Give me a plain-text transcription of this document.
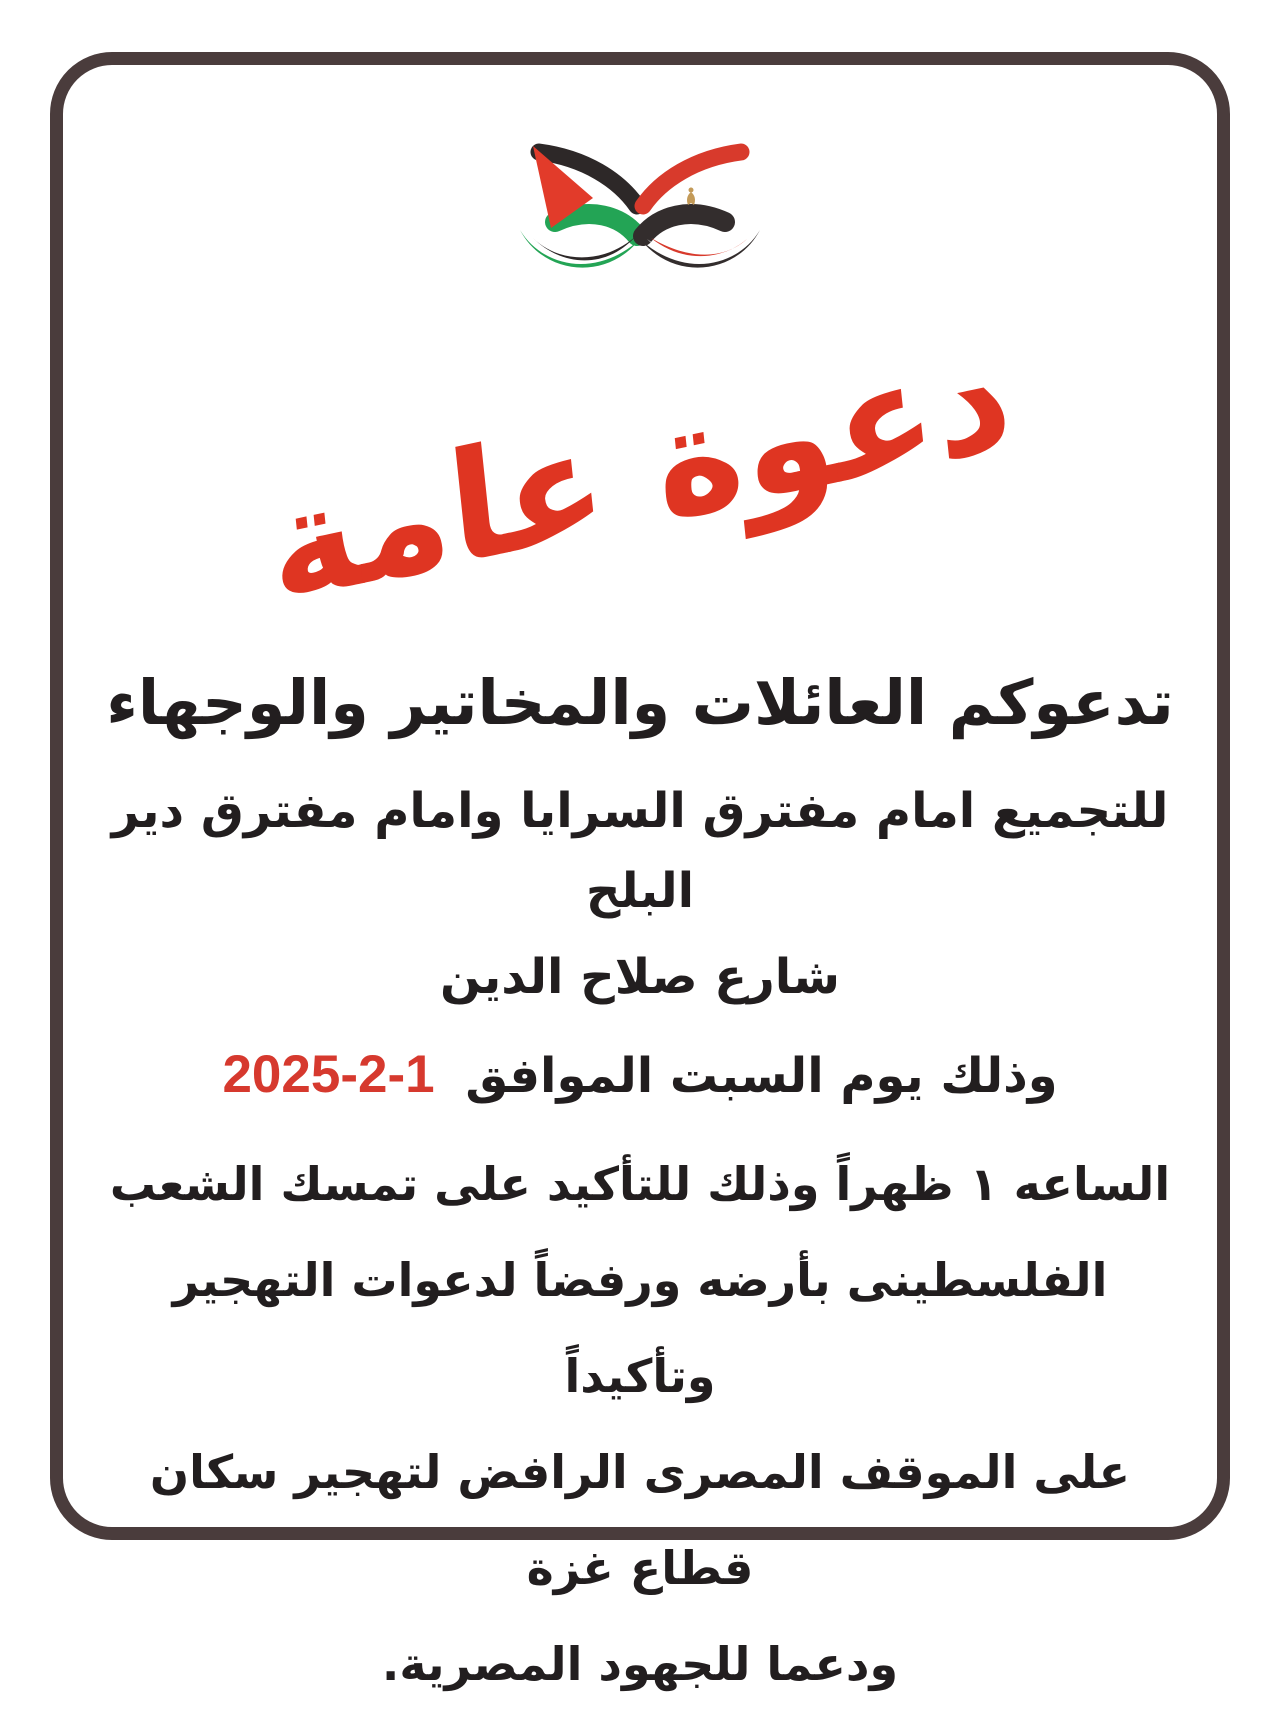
دعوة عامة

تدعوكم العائلات والمخاتير والوجهاء

للتجميع امام مفترق السرايا وامام مفترق دير البلح

شارع صلاح الدين

وذلك يوم السبت الموافق 2025-2-1

الساعه ١ ظهراً وذلك للتأكيد على تمسك الشعب

الفلسطينى بأرضه ورفضاً لدعوات التهجير وتأكيداً

على الموقف المصرى الرافض لتهجير سكان قطاع غزة

ودعما للجهود المصرية.
